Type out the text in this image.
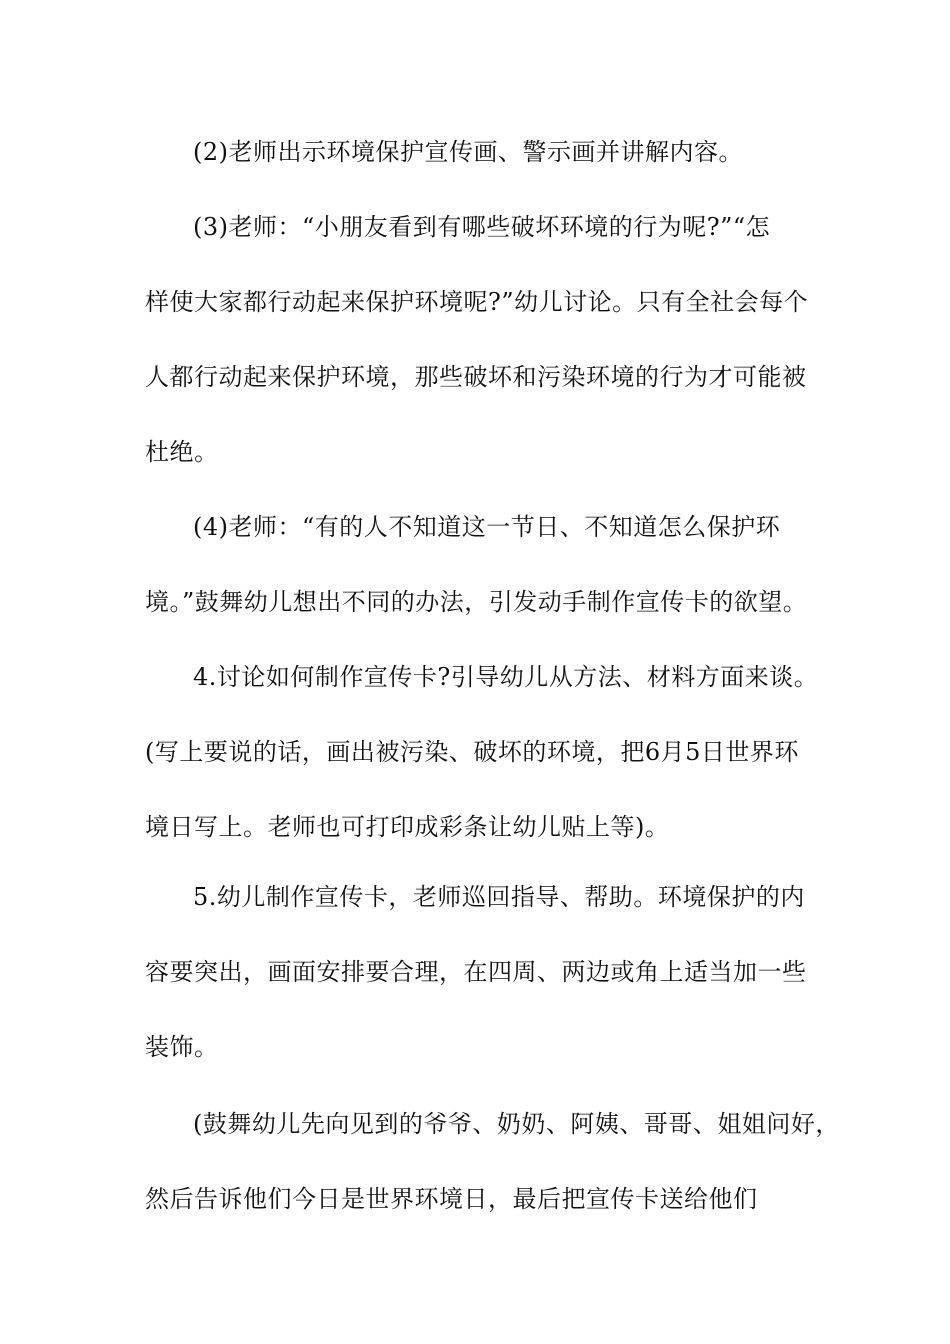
(2)老师出示环境保护宣传画、警示画并讲解内容。
(3)老师：“小朋友看到有哪些破坏环境的行为呢?”“怎
样使大家都行动起来保护环境呢?”幼儿讨论。只有全社会每个
人都行动起来保护环境，那些破坏和污染环境的行为才可能被
杜绝。
(4)老师：“有的人不知道这一节日、不知道怎么保护环
境。”鼓舞幼儿想出不同的办法，引发动手制作宣传卡的欲望。
4.讨论如何制作宣传卡?引导幼儿从方法、材料方面来谈。
(写上要说的话，画出被污染、破坏的环境，把6月5日世界环
境日写上。老师也可打印成彩条让幼儿贴上等)。
5.幼儿制作宣传卡，老师巡回指导、帮助。环境保护的内
容要突出，画面安排要合理，在四周、两边或角上适当加一些
装饰。
(鼓舞幼儿先向见到的爷爷、奶奶、阿姨、哥哥、姐姐问好，
然后告诉他们今日是世界环境日，最后把宣传卡送给他们
